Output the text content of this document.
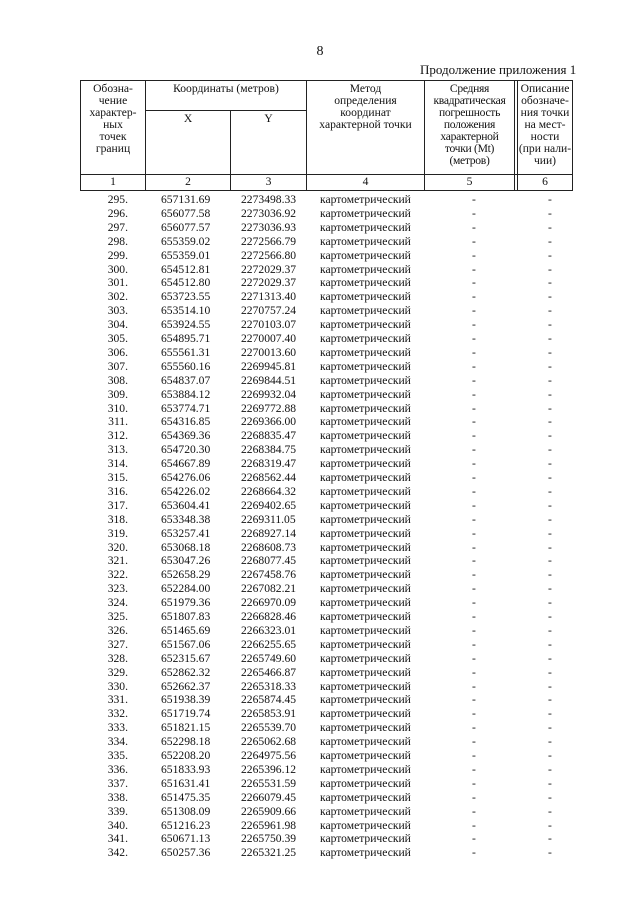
8
Продолжение приложения 1
Обозна-
чение
характер-
ных
точек
границ
Координаты (метров)
X	Y
Метод
определения
координат
характерной точки
Средняя
квадратическая
погрешность
положения
характерной
точки (Mt)
(метров)
Описание
обозначе-
ния точки
на мест-
ности
(при нали-
чии)
1	2	3	4	5	6
295.	657131.69	2273498.33 картометрический	-	-
296.	656077.58	2273036.92 картометрический	-	-
297.	656077.57	2273036.93 картометрический	-	-
298.	655359.02	2272566.79 картометрический	-	-
299.	655359.01	2272566.80 картометрический	-	-
300.	654512.81	2272029.37 картометрический	-	-
301.	654512.80	2272029.37 картометрический	-	-
302.	653723.55	2271313.40 картометрический	-	-
303.	653514.10	2270757.24 картометрический	-	-
304.	653924.55	2270103.07 картометрический	-	-
305.	654895.71	2270007.40 картометрический	-	-
306.	655561.31	2270013.60 картометрический	-	-
307.	655560.16	2269945.81 картометрический	-	-
308.	654837.07	2269844.51 картометрический	-	-
309.	653884.12	2269932.04 картометрический	-	-
310.	653774.71	2269772.88 картометрический	-	-
311.	654316.85	2269366.00 картометрический	-	-
312.	654369.36	2268835.47 картометрический	-	-
313.	654720.30	2268384.75 картометрический	-	-
314.	654667.89	2268319.47 картометрический	-	-
315.	654276.06	2268562.44 картометрический	-	-
316.	654226.02	2268664.32 картометрический	-	-
317.	653604.41	2269402.65 картометрический	-	-
318.	653348.38	2269311.05 картометрический	-	-
319.	653257.41	2268927.14 картометрический	-	-
320.	653068.18	2268608.73 картометрический	-	-
321.	653047.26	2268077.45 картометрический	-	-
322.	652658.29	2267458.76 картометрический	-	-
323.	652284.00	2267082.21 картометрический	-	-
324.	651979.36	2266970.09 картометрический	-	-
325.	651807.83	2266828.46 картометрический	-	-
326.	651465.69	2266323.01 картометрический	-	-
327.	651567.06	2266255.65 картометрический	-	-
328.	652315.67	2265749.60 картометрический	-	-
329.	652862.32	2265466.87 картометрический	-	-
330.	652662.37	2265318.33 картометрический	-	-
331.	651938.39	2265874.45 картометрический	-	-
332.	651719.74	2265853.91 картометрический	-	-
333.	651821.15	2265539.70 картометрический	-	-
334.	652298.18	2265062.68 картометрический	-	-
335.	652208.20	2264975.56 картометрический	-	-
336.	651833.93	2265396.12 картометрический	-	-
337.	651631.41	2265531.59 картометрический	-	-
338.	651475.35	2266079.45 картометрический	-	-
339.	651308.09	2265909.66 картометрический	-	-
340.	651216.23	2265961.98 картометрический	-	-
341.	650671.13	2265750.39 картометрический	-	-
342.	650257.36	2265321.25 картометрический	-	-
